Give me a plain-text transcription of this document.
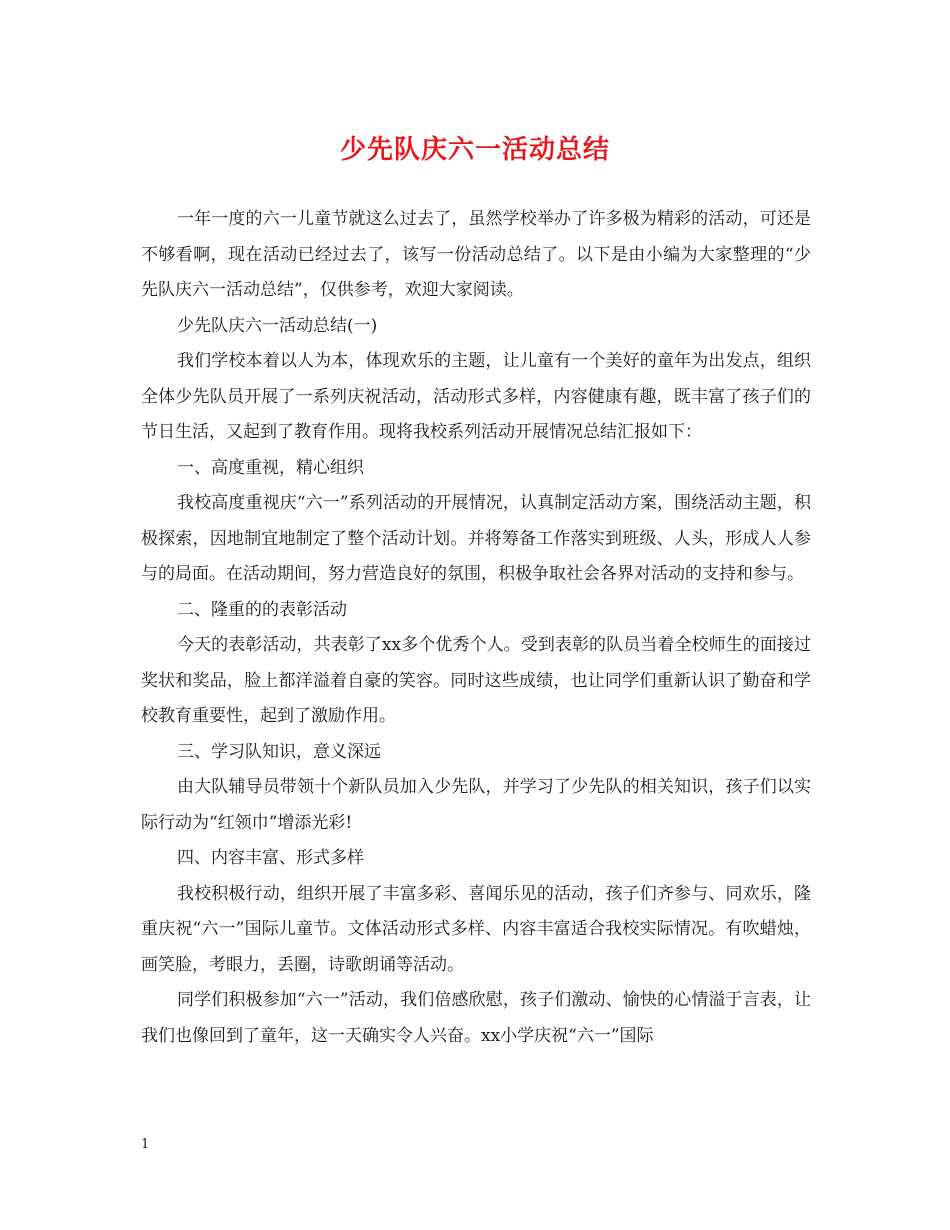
少先队庆六一活动总结

一年一度的六一儿童节就这么过去了，虽然学校举办了许多极为精彩的活动，可还是不够看啊，现在活动已经过去了，该写一份活动总结了。以下是由小编为大家整理的“少先队庆六一活动总结”，仅供参考，欢迎大家阅读。

少先队庆六一活动总结(一)

我们学校本着以人为本，体现欢乐的主题，让儿童有一个美好的童年为出发点，组织全体少先队员开展了一系列庆祝活动，活动形式多样，内容健康有趣，既丰富了孩子们的节日生活，又起到了教育作用。现将我校系列活动开展情况总结汇报如下：

一、高度重视，精心组织

我校高度重视庆“六一”系列活动的开展情况，认真制定活动方案，围绕活动主题，积极探索，因地制宜地制定了整个活动计划。并将筹备工作落实到班级、人头，形成人人参与的局面。在活动期间，努力营造良好的氛围，积极争取社会各界对活动的支持和参与。

二、隆重的的表彰活动

今天的表彰活动，共表彰了xx多个优秀个人。受到表彰的队员当着全校师生的面接过奖状和奖品，脸上都洋溢着自豪的笑容。同时这些成绩，也让同学们重新认识了勤奋和学校教育重要性，起到了激励作用。

三、学习队知识，意义深远

由大队辅导员带领十个新队员加入少先队，并学习了少先队的相关知识，孩子们以实际行动为“红领巾”增添光彩!

四、内容丰富、形式多样

我校积极行动，组织开展了丰富多彩、喜闻乐见的活动，孩子们齐参与、同欢乐，隆重庆祝“六一”国际儿童节。文体活动形式多样、内容丰富适合我校实际情况。有吹蜡烛，画笑脸，考眼力，丢圈，诗歌朗诵等活动。

同学们积极参加“六一”活动，我们倍感欣慰，孩子们激动、愉快的心情溢于言表，让我们也像回到了童年，这一天确实令人兴奋。xx小学庆祝“六一”国际

1
